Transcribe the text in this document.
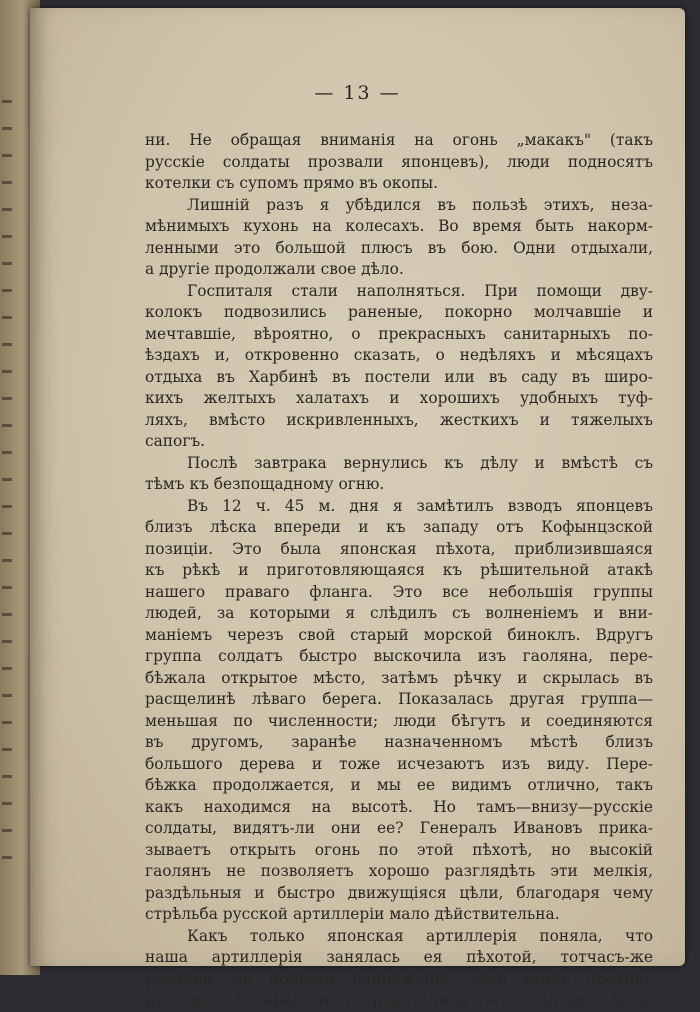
— 13 —
ни. Не обращая вниманія на огонь „макакъ" (такъ
русскіе солдаты прозвали японцевъ), люди подносятъ
котелки съ супомъ прямо въ окопы.
Лишній разъ я убѣдился въ пользѣ этихъ, неза-
мѣнимыхъ кухонь на колесахъ. Во время быть накорм-
ленными это большой плюсъ въ бою. Одни отдыхали,
а другіе продолжали свое дѣло.
Госпиталя стали наполняться. При помощи дву-
колокъ подвозились раненые, покорно молчавшіе и
мечтавшіе, вѣроятно, о прекрасныхъ санитарныхъ по-
ѣздахъ и, откровенно сказать, о недѣляхъ и мѣсяцахъ
отдыха въ Харбинѣ въ постели или въ саду въ широ-
кихъ желтыхъ халатахъ и хорошихъ удобныхъ туф-
ляхъ, вмѣсто искривленныхъ, жесткихъ и тяжелыхъ
сапогъ.
Послѣ завтрака вернулись къ дѣлу и вмѣстѣ съ
тѣмъ къ безпощадному огню.
Въ 12 ч. 45 м. дня я замѣтилъ взводъ японцевъ
близъ лѣска впереди и къ западу отъ Кофынцзской
позиціи. Это была японская пѣхота, приблизившаяся
къ рѣкѣ и приготовляющаяся къ рѣшительной атакѣ
нашего праваго фланга. Это все небольшія группы
людей, за которыми я слѣдилъ съ волненіемъ и вни-
маніемъ черезъ свой старый морской биноклъ. Вдругъ
группа солдатъ быстро выскочила изъ гаоляна, пере-
бѣжала открытое мѣсто, затѣмъ рѣчку и скрылась въ
расщелинѣ лѣваго берега. Показалась другая группа—
меньшая по численности; люди бѣгутъ и соединяются
въ другомъ, заранѣе назначенномъ мѣстѣ близъ
большого дерева и тоже исчезаютъ изъ виду. Пере-
бѣжка продолжается, и мы ее видимъ отлично, такъ
какъ находимся на высотѣ. Но тамъ—внизу—русскіе
солдаты, видятъ-ли они ее? Генералъ Ивановъ прика-
зываетъ открыть огонь по этой пѣхотѣ, но высокій
гаолянъ не позволяетъ хорошо разглядѣть эти мелкія,
раздѣльныя и быстро движущіяся цѣли, благодаря чему
стрѣльба русской артиллеріи мало дѣйствительна.
Какъ только японская артиллерія поняла, что
наша артиллерія занялась ея пѣхотой, тотчасъ-же
усилила, до полнаго напряженія, свой огонь противъ
русскихъ батарей и сосредоточила его противъ бата-
